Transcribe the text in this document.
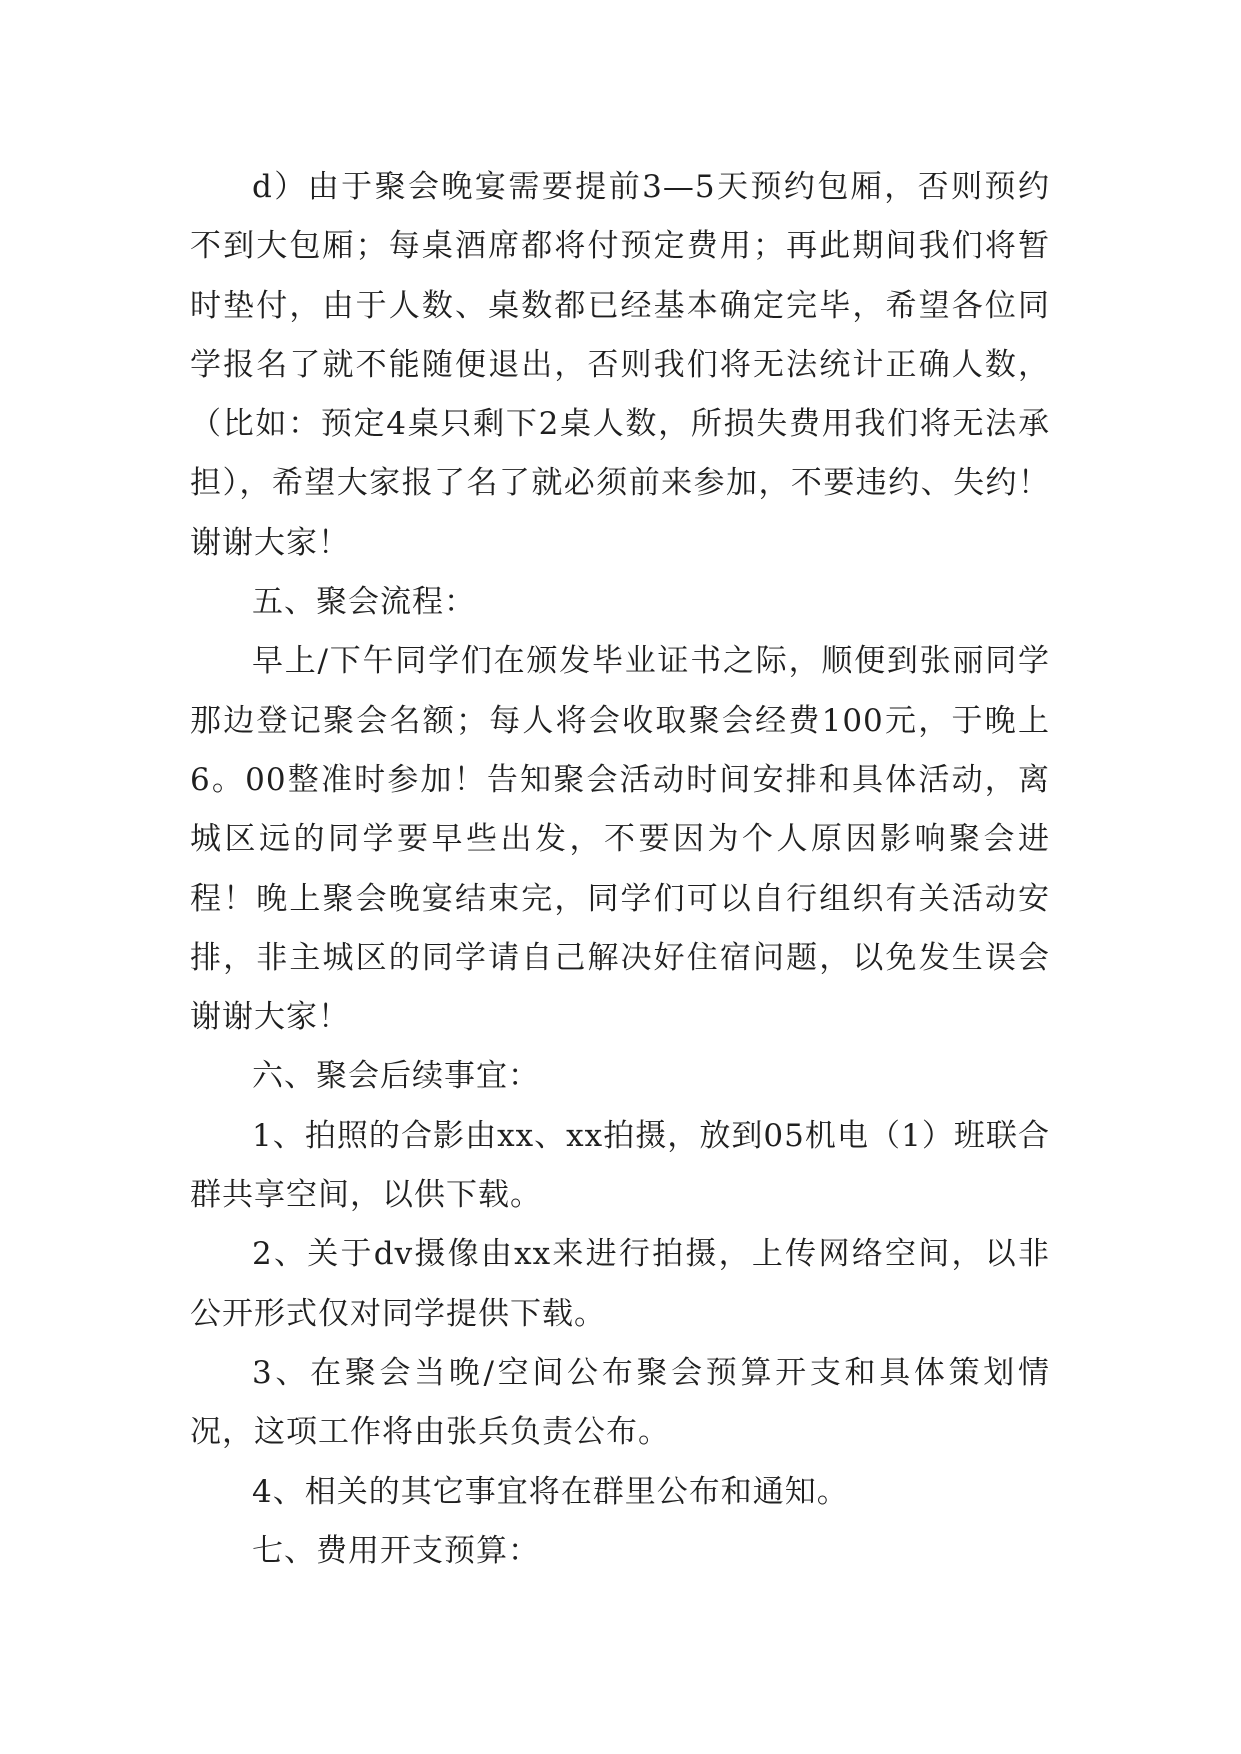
d）由于聚会晚宴需要提前3—5天预约包厢，否则预约不到大包厢；每桌酒席都将付预定费用；再此期间我们将暂时垫付，由于人数、桌数都已经基本确定完毕，希望各位同学报名了就不能随便退出，否则我们将无法统计正确人数，（比如：预定4桌只剩下2桌人数，所损失费用我们将无法承担），希望大家报了名了就必须前来参加，不要违约、失约！谢谢大家！

五、聚会流程：

早上/下午同学们在颁发毕业证书之际，顺便到张丽同学那边登记聚会名额；每人将会收取聚会经费100元，于晚上6。00整准时参加！告知聚会活动时间安排和具体活动，离城区远的同学要早些出发，不要因为个人原因影响聚会进程！晚上聚会晚宴结束完，同学们可以自行组织有关活动安排，非主城区的同学请自己解决好住宿问题，以免发生误会谢谢大家！

六、聚会后续事宜：

1、拍照的合影由xx、xx拍摄，放到05机电（1）班联合群共享空间，以供下载。

2、关于dv摄像由xx来进行拍摄，上传网络空间，以非公开形式仅对同学提供下载。

3、在聚会当晚/空间公布聚会预算开支和具体策划情况，这项工作将由张兵负责公布。

4、相关的其它事宜将在群里公布和通知。

七、费用开支预算：
